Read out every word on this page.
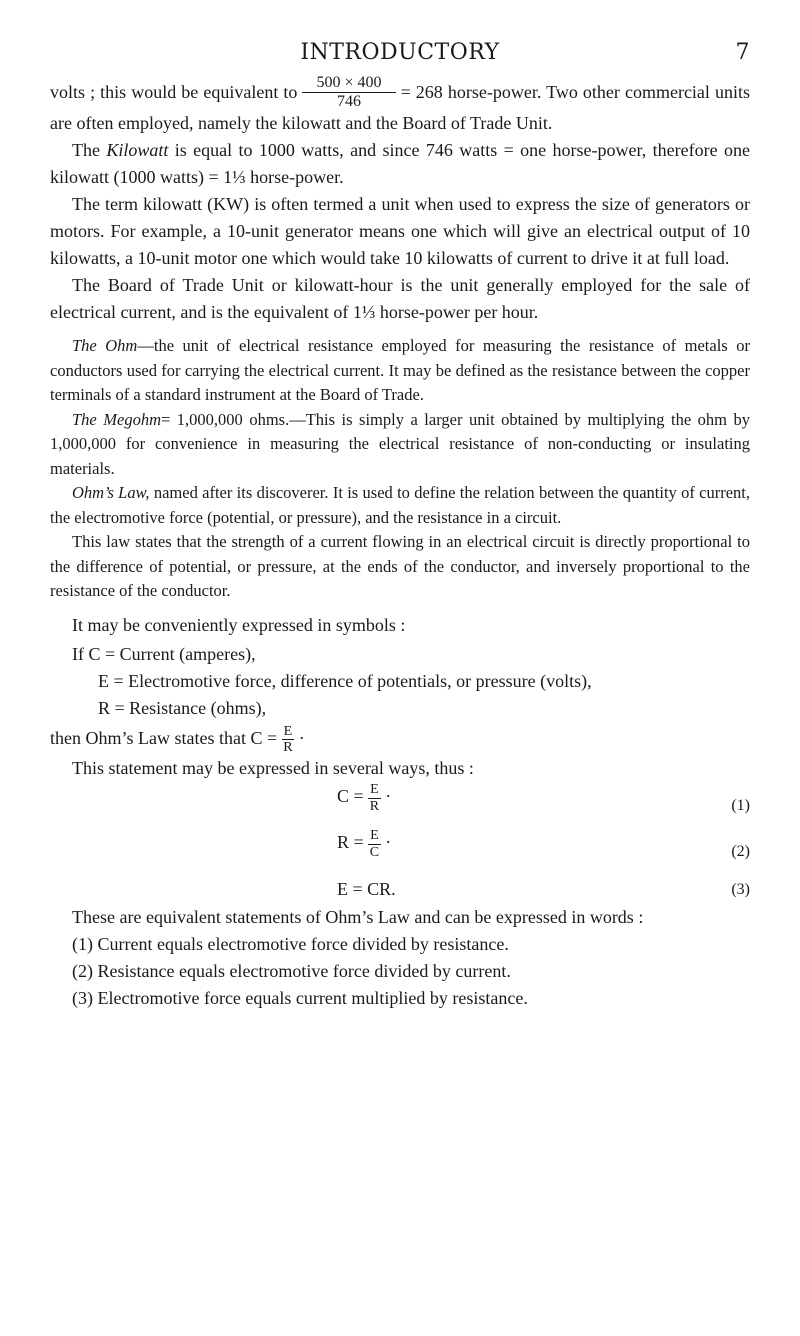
INTRODUCTORY	7

volts ; this would be equivalent to $\frac{500 \times 400}{746} = 268$ horse-power. Two other commercial units are often employed, namely the kilowatt and the Board of Trade Unit.

The Kilowatt is equal to 1000 watts, and since 746 watts = one horse-power, therefore one kilowatt (1000 watts) = 1⅓ horse-power.

The term kilowatt (KW) is often termed a unit when used to express the size of generators or motors. For example, a 10-unit generator means one which will give an electrical output of 10 kilowatts, a 10-unit motor one which would take 10 kilowatts of current to drive it at full load.

The Board of Trade Unit or kilowatt-hour is the unit generally employed for the sale of electrical current, and is the equivalent of 1⅓ horse-power per hour.

The Ohm—the unit of electrical resistance employed for measuring the resistance of metals or conductors used for carrying the electrical current. It may be defined as the resistance between the copper terminals of a standard instrument at the Board of Trade.

The Megohm= 1,000,000 ohms.—This is simply a larger unit obtained by multiplying the ohm by 1,000,000 for convenience in measuring the electrical resistance of non-conducting or insulating materials.

Ohm’s Law, named after its discoverer. It is used to define the relation between the quantity of current, the electromotive force (potential, or pressure), and the resistance in a circuit.

This law states that the strength of a current flowing in an electrical circuit is directly proportional to the difference of potential, or pressure, at the ends of the conductor, and inversely proportional to the resistance of the conductor.

It may be conveniently expressed in symbols :

If C = Current (amperes),

E = Electromotive force, difference of potentials, or pressure (volts),

R = Resistance (ohms),

then Ohm’s Law states that $C = \frac{E}{R}$ ·

This statement may be expressed in several ways, thus :

$C = \frac{E}{R}$ ·	(1)
$R = \frac{E}{C}$ ·	(2)
E = CR.	(3)

These are equivalent statements of Ohm’s Law and can be expressed in words :

(1) Current equals electromotive force divided by resistance.

(2) Resistance equals electromotive force divided by current.

(3) Electromotive force equals current multiplied by resistance.
